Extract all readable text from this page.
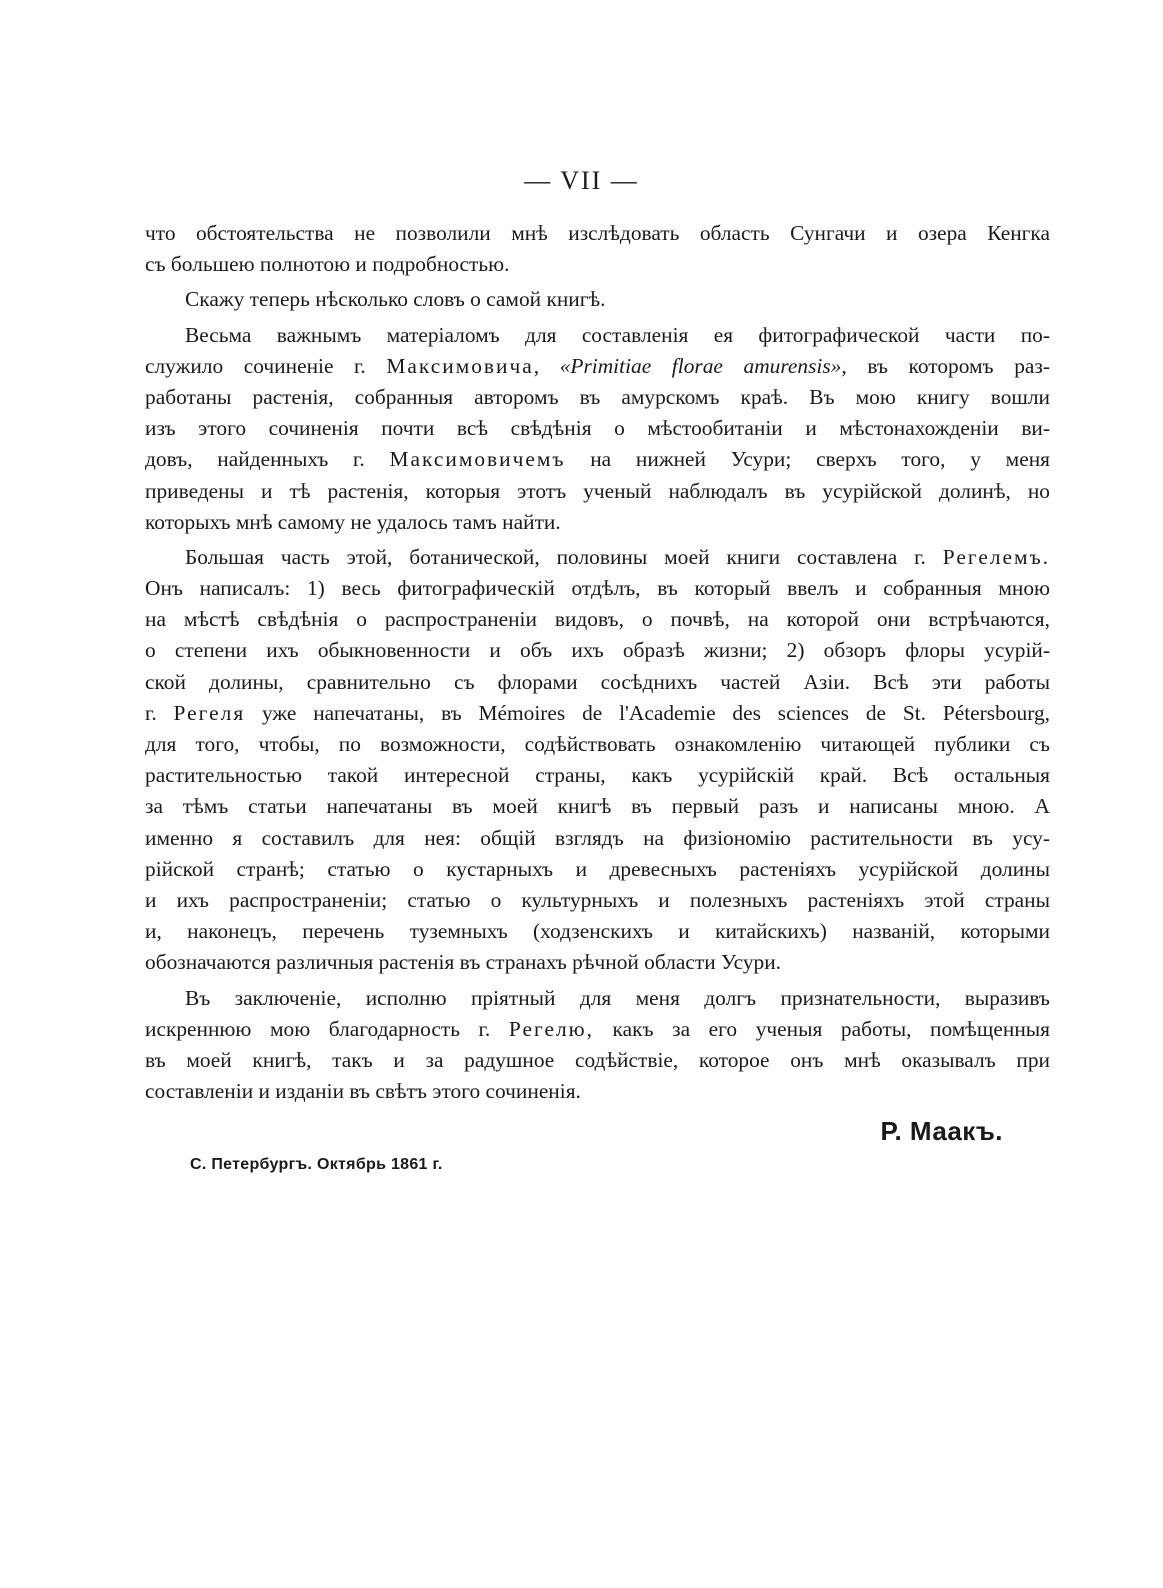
— VII —
что обстоятельства не позволили мнѣ изслѣдовать область Сунгачи и озера Кенгка
съ большею полнотою и подробностью.
Скажу теперь нѣсколько словъ о самой книгѣ.
Весьма важнымъ матеріаломъ для составленія ея фитографической части по-
служило сочиненіе г. Максимовича, «Primitiae florae amurensis», въ которомъ раз-
работаны растенія, собранныя авторомъ въ амурскомъ краѣ. Въ мою книгу вошли
изъ этого сочиненія почти всѣ свѣдѣнія о мѣстообитаніи и мѣстонахожденіи ви-
довъ, найденныхъ г. Максимовичемъ на нижней Усури; сверхъ того, у меня
приведены и тѣ растенія, которыя этотъ ученый наблюдалъ въ усурійской долинѣ, но
которыхъ мнѣ самому не удалось тамъ найти.
Большая часть этой, ботанической, половины моей книги составлена г. Регелемъ.
Онъ написалъ: 1) весь фитографическій отдѣлъ, въ который ввелъ и собранныя мною
на мѣстѣ свѣдѣнія о распространеніи видовъ, о почвѣ, на которой они встрѣчаются,
о степени ихъ обыкновенности и объ ихъ образѣ жизни; 2) обзоръ флоры усурій-
ской долины, сравнительно съ флорами сосѣднихъ частей Азіи. Всѣ эти работы
г. Регеля уже напечатаны, въ Mémoires de l'Academie des sciences de St. Pétersbourg,
для того, чтобы, по возможности, содѣйствовать ознакомленію читающей публики съ
растительностью такой интересной страны, какъ усурійскій край. Всѣ остальныя
за тѣмъ статьи напечатаны въ моей книгѣ въ первый разъ и написаны мною. А
именно я составилъ для нея: общій взглядъ на физіономію растительности въ усу-
рійской странѣ; статью о кустарныхъ и древесныхъ растеніяхъ усурійской долины
и ихъ распространеніи; статью о культурныхъ и полезныхъ растеніяхъ этой страны
и, наконецъ, перечень туземныхъ (ходзенскихъ и китайскихъ) названій, которыми
обозначаются различныя растенія въ странахъ рѣчной области Усури.
Въ заключеніе, исполню пріятный для меня долгъ признательности, выразивъ
искреннюю мою благодарность г. Регелю, какъ за его ученыя работы, помѣщенныя
въ моей книгѣ, такъ и за радушное содѣйствіе, которое онъ мнѣ оказывалъ при
составленіи и изданіи въ свѣтъ этого сочиненія.
Р. Маакъ.
С. Петербургъ. Октябрь 1861 г.
